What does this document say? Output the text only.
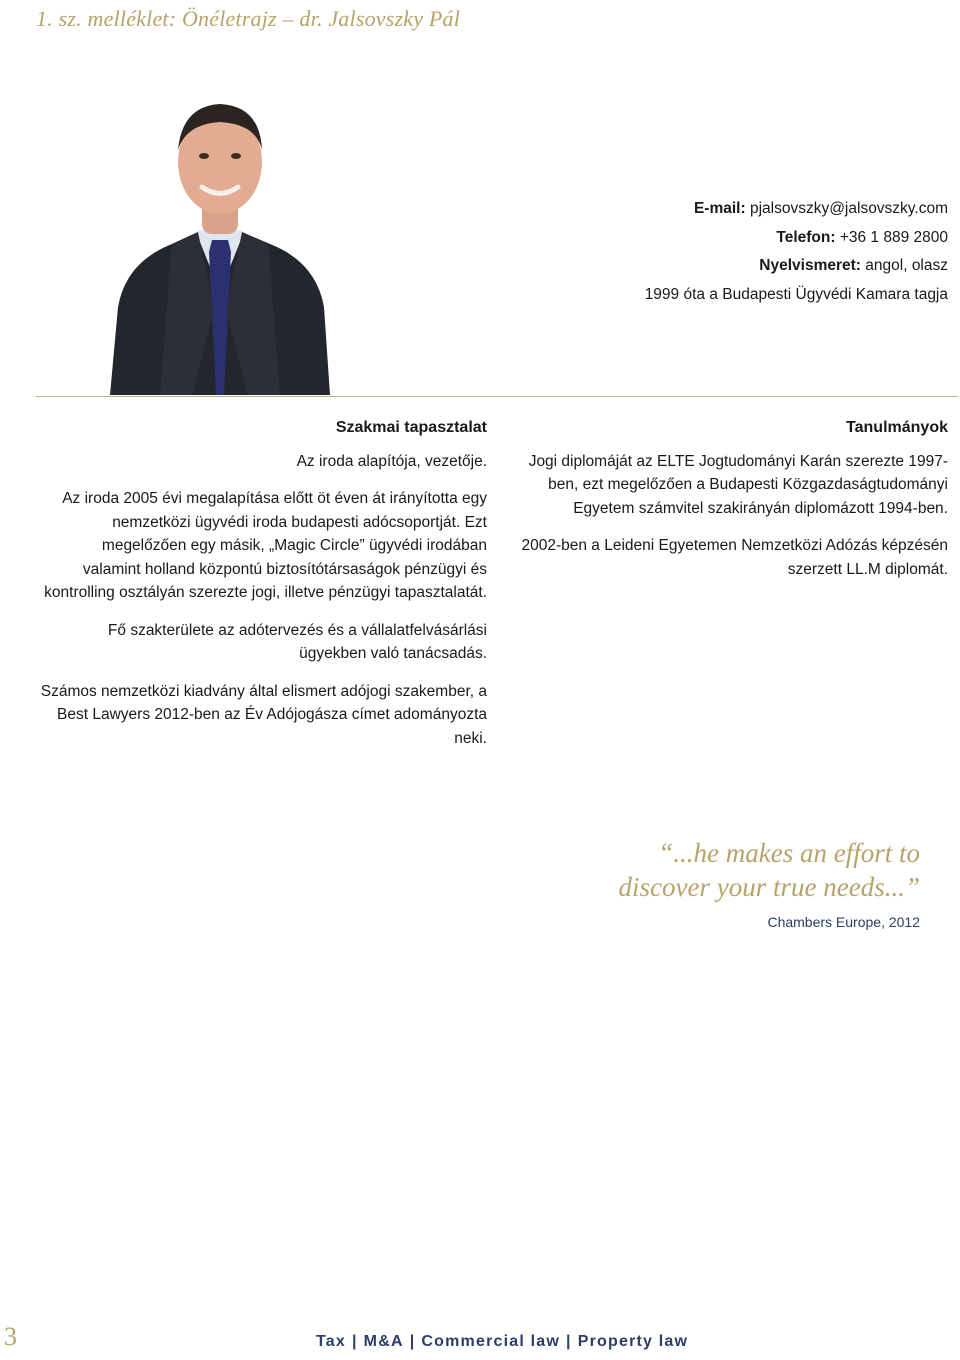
1. sz. melléklet: Önéletrajz – dr. Jalsovszky Pál
E-mail: pjalsovszky@jalsovszky.com
Telefon: +36 1 889 2800
Nyelvismeret: angol, olasz
1999 óta a Budapesti Ügyvédi Kamara tagja
Szakmai tapasztalat

Az iroda alapítója, vezetője.

Az iroda 2005 évi megalapítása előtt öt éven át irányította egy nemzetközi ügyvédi iroda budapesti adócsoportját. Ezt megelőzően egy másik, „Magic Circle” ügyvédi irodában valamint holland központú biztosítótársaságok pénzügyi és kontrolling osztályán szerezte jogi, illetve pénzügyi tapasztalatát.

Fő szakterülete az adótervezés és a vállalatfelvásárlási ügyekben való tanácsadás.

Számos nemzetközi kiadvány által elismert adójogi szakember, a Best Lawyers 2012-ben az Év Adójogásza címet adományozta neki.

Tanulmányok

Jogi diplomáját az ELTE Jogtudományi Karán szerezte 1997-ben, ezt megelőzően a Budapesti Közgazdaságtudományi Egyetem számvitel szakirányán diplomázott 1994-ben.

2002-ben a Leideni Egyetemen Nemzetközi Adózás képzésén szerzett LL.M diplomát.

“...he makes an effort to
discover your true needs...”
Chambers Europe, 2012
3	Tax | M&A | Commercial law | Property law
